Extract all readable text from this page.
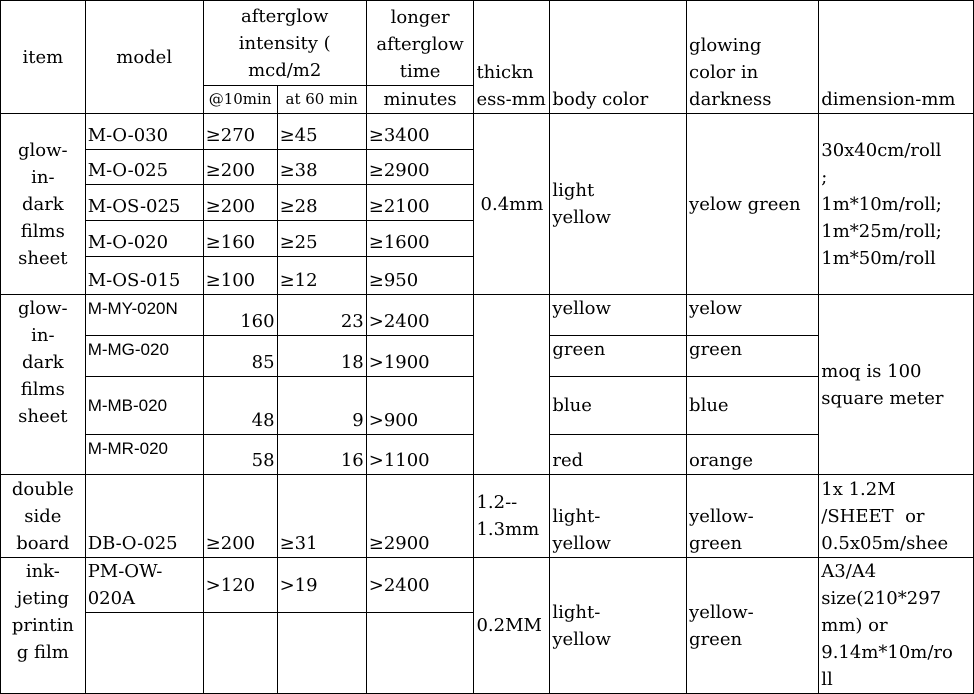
item	model	afterglow
intensity (
mcd/m2		longer
afterglow
time	thickn
ess-mm	body color	glowing
color in
darkness	dimension-mm
		@10min	at 60 min	minutes				
glow-
in-
dark
films
sheet	M-O-030	≥270	≥45	≥3400	0.4mm	light
yellow	yelow green	30x40cm/roll
;
1m*10m/roll;
1m*25m/roll;
1m*50m/roll
	M-O-025	≥200	≥38	≥2900				
	M-OS-025	≥200	≥28	≥2100				
	M-O-020	≥160	≥25	≥1600				
	M-OS-015	≥100	≥12	≥950				
glow-
in-
dark
films
sheet	M-MY-020N	160	23	>2400		yellow	yelow	moq is 100
square meter
	M-MG-020	85	18	>1900		green	green	
	M-MB-020	48	9	>900		blue	blue	
	M-MR-020	58	16	>1100		red	orange	
double
side
board	DB-O-025	≥200	≥31	≥2900	1.2--
1.3mm	light-
yellow	yellow-
green	1x 1.2M
/SHEET  or
0.5x05m/shee
ink-
jeting
printin
g film	PM-OW-020A	>120	>19	>2400	0.2MM	light-
yellow	yellow-
green	A3/A4
size(210*297
mm) or
9.14m*10m/ro
ll
